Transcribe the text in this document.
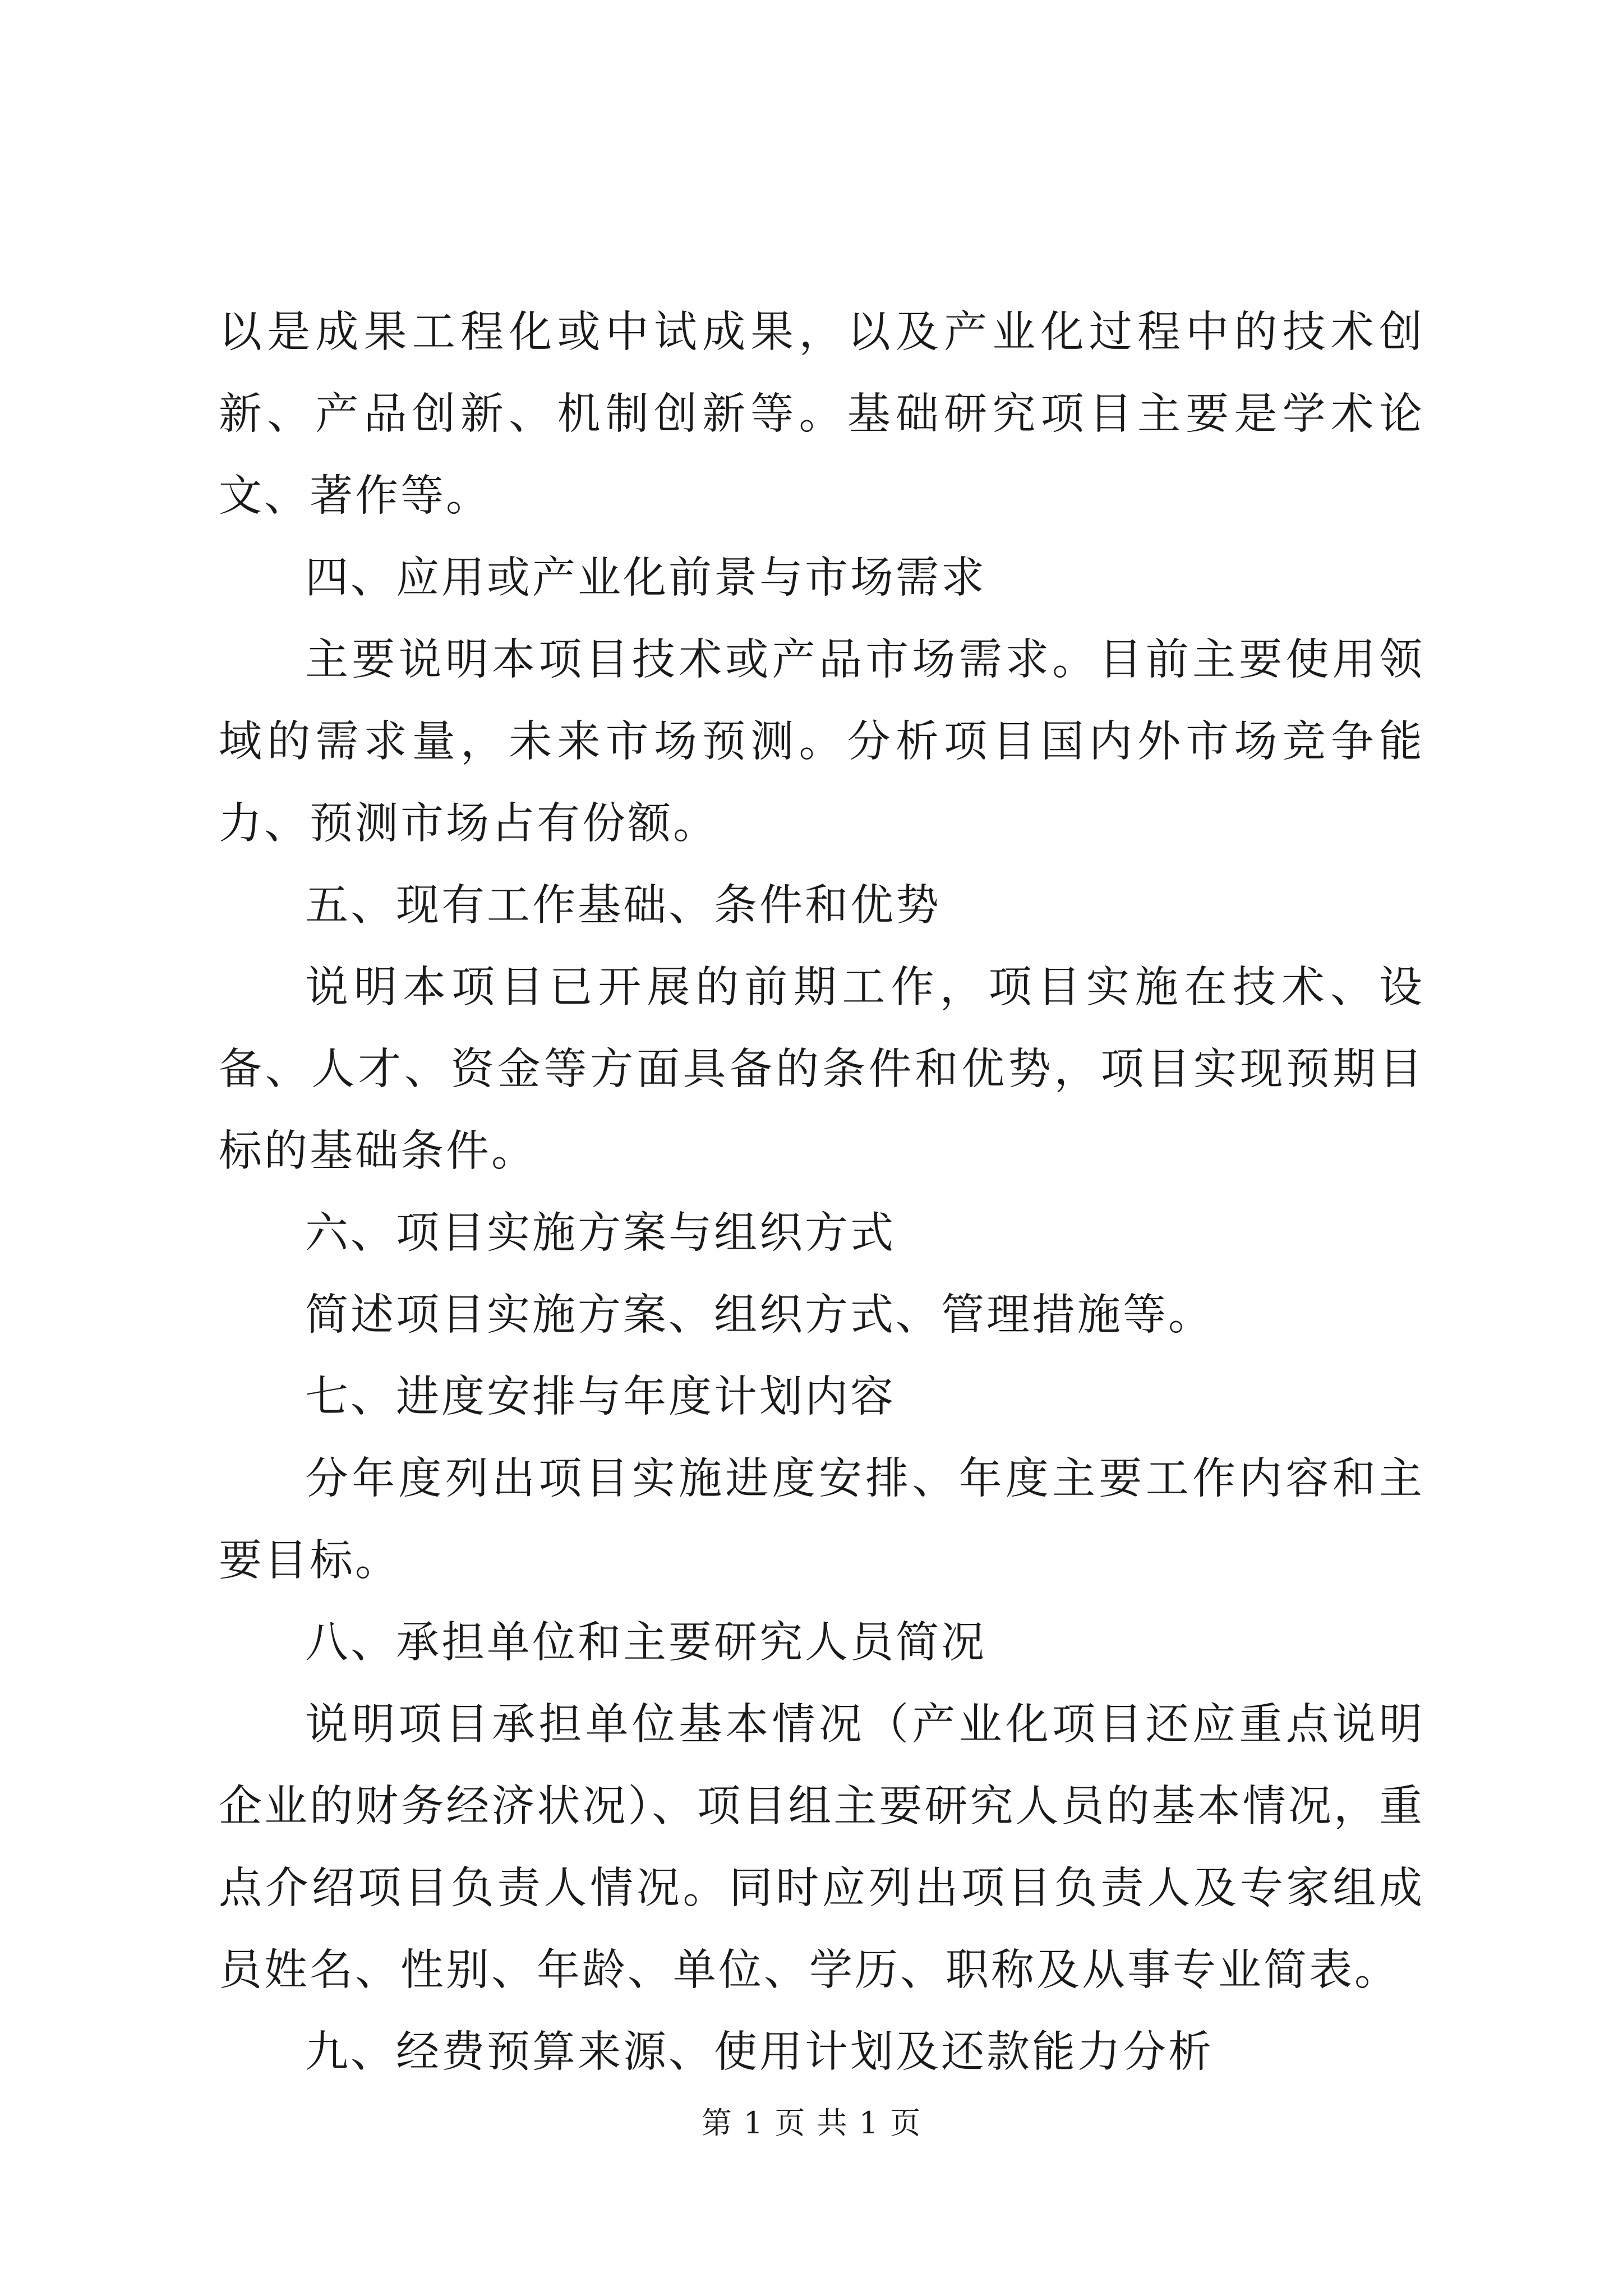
以是成果工程化或中试成果，以及产业化过程中的技术创新、产品创新、机制创新等。基础研究项目主要是学术论文、著作等。

四、应用或产业化前景与市场需求

主要说明本项目技术或产品市场需求。目前主要使用领域的需求量，未来市场预测。分析项目国内外市场竞争能力、预测市场占有份额。

五、现有工作基础、条件和优势

说明本项目已开展的前期工作，项目实施在技术、设备、人才、资金等方面具备的条件和优势，项目实现预期目标的基础条件。

六、项目实施方案与组织方式

简述项目实施方案、组织方式、管理措施等。

七、进度安排与年度计划内容

分年度列出项目实施进度安排、年度主要工作内容和主要目标。

八、承担单位和主要研究人员简况

说明项目承担单位基本情况（产业化项目还应重点说明企业的财务经济状况）、项目组主要研究人员的基本情况，重点介绍项目负责人情况。同时应列出项目负责人及专家组成员姓名、性别、年龄、单位、学历、职称及从事专业简表。

九、经费预算来源、使用计划及还款能力分析

第 1 页 共 1 页
